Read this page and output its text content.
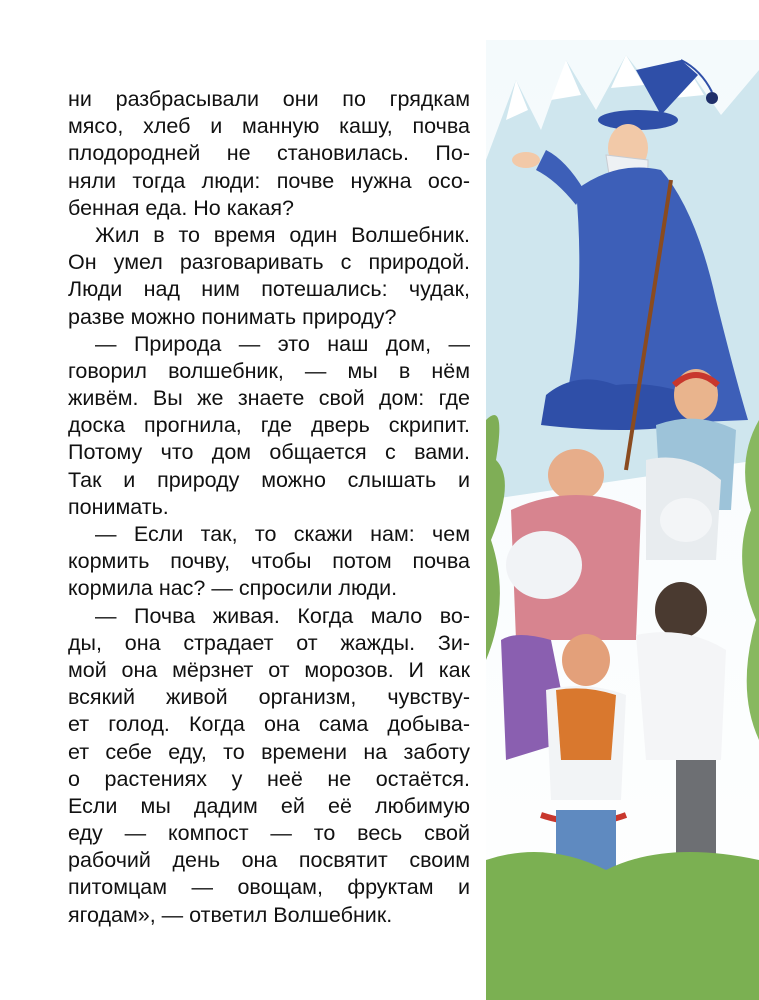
ни разбрасывали они по грядкам
мясо, хлеб и манную кашу, почва
плодородней не становилась. По-
няли тогда люди: почве нужна осо-
бенная еда. Но какая?
Жил в то время один Волшебник.
Он умел разговаривать с природой.
Люди над ним потешались: чудак,
разве можно понимать природу?
— Природа — это наш дом, —
говорил волшебник, — мы в нём
живём. Вы же знаете свой дом: где
доска прогнила, где дверь скрипит.
Потому что дом общается с вами.
Так и природу можно слышать и
понимать.
— Если так, то скажи нам: чем
кормить почву, чтобы потом почва
кормила нас? — спросили люди.
— Почва живая. Когда мало во-
ды, она страдает от жажды. Зи-
мой она мёрзнет от морозов. И как
всякий живой организм, чувству-
ет голод. Когда она сама добыва-
ет себе еду, то времени на заботу
о растениях у неё не остаётся.
Если мы дадим ей её любимую
еду — компост — то весь свой
рабочий день она посвятит своим
питомцам — овощам, фруктам и
ягодам», — ответил Волшебник.
